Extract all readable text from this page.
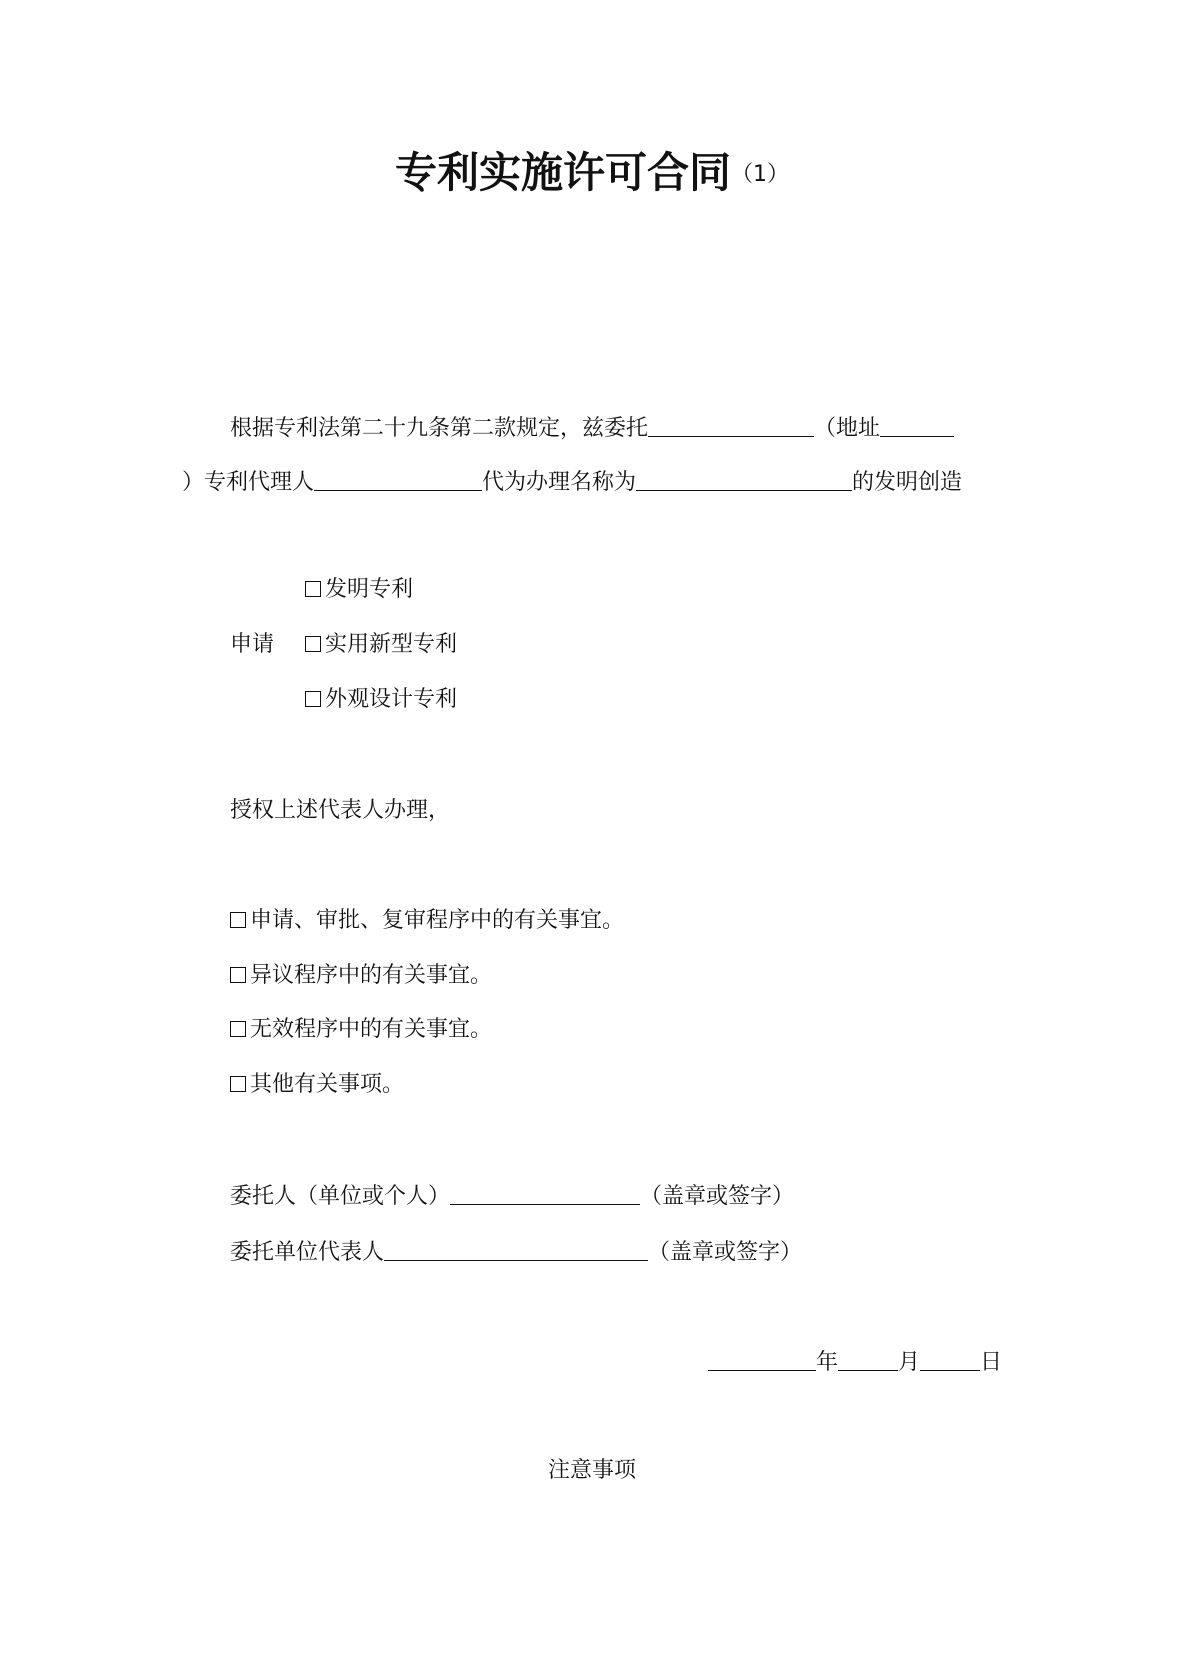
专利实施许可合同（1）
根据专利法第二十九条第二款规定，兹委托	（地址
）专利代理人	代为办理名称为	的发明创造
发明专利
申请	实用新型专利
外观设计专利
授权上述代表人办理，
申请、审批、复审程序中的有关事宜。
异议程序中的有关事宜。
无效程序中的有关事宜。
其他有关事项。
委托人（单位或个人）	（盖章或签字）
委托单位代表人	（盖章或签字）
年	月	日
注意事项
